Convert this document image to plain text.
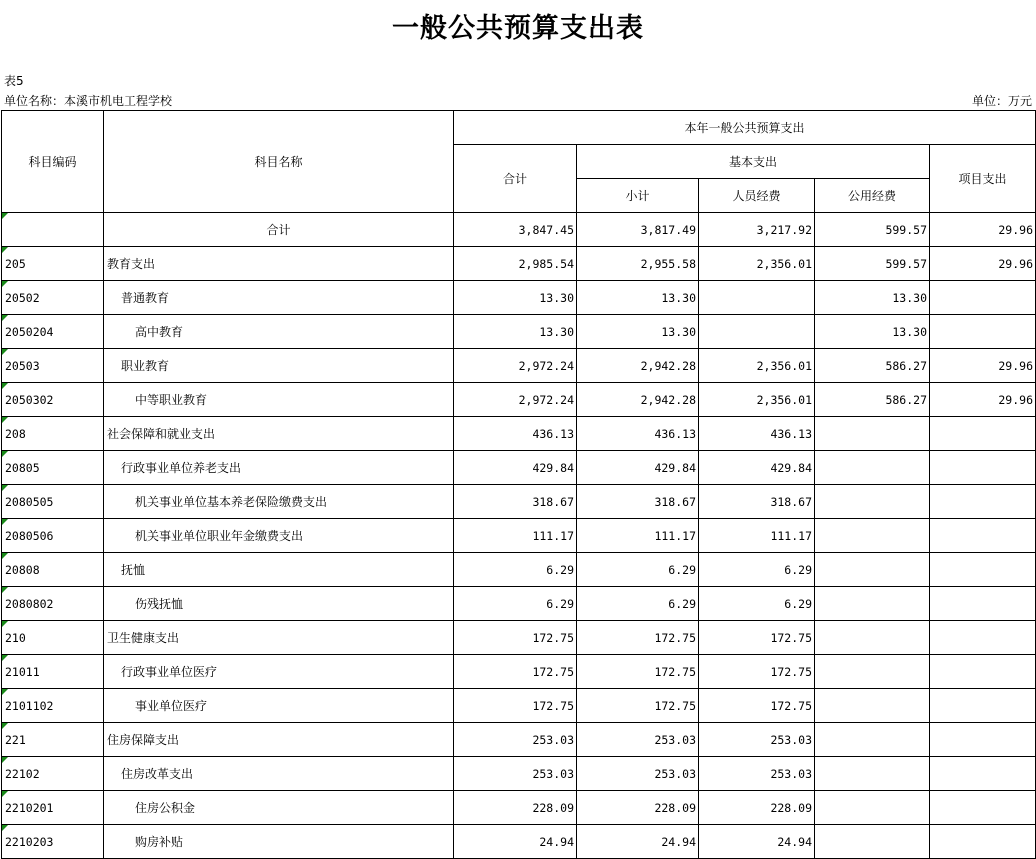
一般公共预算支出表
表5
单位名称：本溪市机电工程学校	单位：万元
科目编码	科目名称	本年一般公共预算支出				
		合计	基本支出			项目支出
			小计	人员经费	公用经费	
	合计	3,847.45	3,817.49	3,217.92	599.57	29.96
205	教育支出	2,985.54	2,955.58	2,356.01	599.57	29.96
20502	普通教育	13.30	13.30		13.30	
2050204	高中教育	13.30	13.30		13.30	
20503	职业教育	2,972.24	2,942.28	2,356.01	586.27	29.96
2050302	中等职业教育	2,972.24	2,942.28	2,356.01	586.27	29.96
208	社会保障和就业支出	436.13	436.13	436.13		
20805	行政事业单位养老支出	429.84	429.84	429.84		
2080505	机关事业单位基本养老保险缴费支出	318.67	318.67	318.67		
2080506	机关事业单位职业年金缴费支出	111.17	111.17	111.17		
20808	抚恤	6.29	6.29	6.29		
2080802	伤残抚恤	6.29	6.29	6.29		
210	卫生健康支出	172.75	172.75	172.75		
21011	行政事业单位医疗	172.75	172.75	172.75		
2101102	事业单位医疗	172.75	172.75	172.75		
221	住房保障支出	253.03	253.03	253.03		
22102	住房改革支出	253.03	253.03	253.03		
2210201	住房公积金	228.09	228.09	228.09		
2210203	购房补贴	24.94	24.94	24.94		
